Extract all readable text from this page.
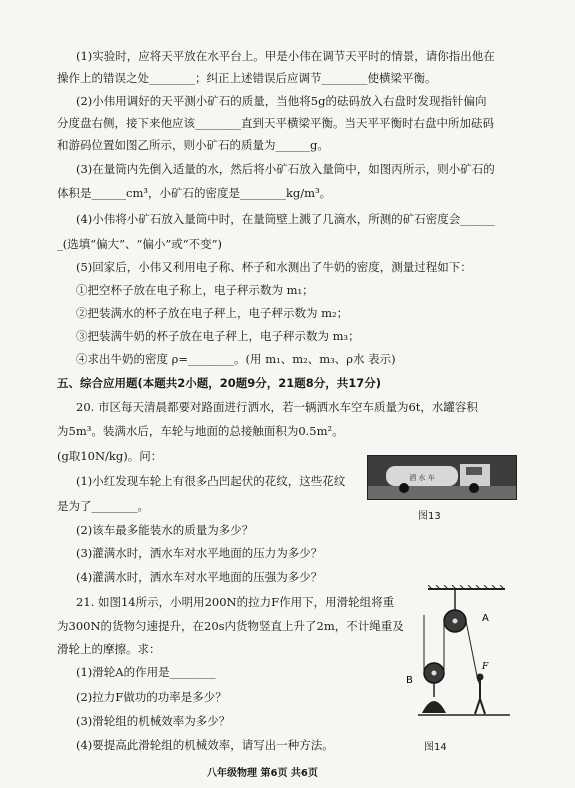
(1)实验时，应将天平放在水平台上。甲是小伟在调节天平时的情景，请你指出他在
操作上的错误之处________；纠正上述错误后应调节________使横梁平衡。
(2)小伟用调好的天平测小矿石的质量，当他将5g的砝码放入右盘时发现指针偏向
分度盘右侧，接下来他应该________直到天平横梁平衡。当天平平衡时右盘中所加砝码
和游码位置如图乙所示，则小矿石的质量为______g。
(3)在量筒内先倒入适量的水，然后将小矿石放入量筒中，如图丙所示，则小矿石的
体积是______cm³，小矿石的密度是________kg/m³。
(4)小伟将小矿石放入量筒中时，在量筒壁上溅了几滴水，所测的矿石密度会______
_(选填“偏大”、“偏小”或“不变”)
(5)回家后，小伟又利用电子称、杯子和水测出了牛奶的密度，测量过程如下：
①把空杯子放在电子称上，电子秤示数为 m₁；
②把装满水的杯子放在电子秤上，电子秤示数为 m₂；
③把装满牛奶的杯子放在电子秤上，电子秤示数为 m₃；
④求出牛奶的密度 ρ=________。(用 m₁、m₂、m₃、ρ水 表示)
五、综合应用题(本题共2小题，20题9分，21题8分，共17分)
20. 市区每天清晨都要对路面进行洒水，若一辆洒水车空车质量为6t，水罐容积
为5m³。装满水后，车轮与地面的总接触面积为0.5m²。
(g取10N/kg)。问：
(1)小红发现车轮上有很多凸凹起伏的花纹，这些花纹
是为了________。
(2)该车最多能装水的质量为多少？
(3)灌满水时，洒水车对水平地面的压力为多少？
(4)灌满水时，洒水车对水平地面的压强为多少？
21. 如图14所示，小明用200N的拉力F作用下，用滑轮组将重
为300N的货物匀速提升，在20s内货物竖直上升了2m，不计绳重及
滑轮上的摩擦。求：
(1)滑轮A的作用是________
(2)拉力F做功的功率是多少？
(3)滑轮组的机械效率为多少？
(4)要提高此滑轮组的机械效率，请写出一种方法。
洒 水 车
图13
A
B
F
图14
八年级物理 第6页 共6页
